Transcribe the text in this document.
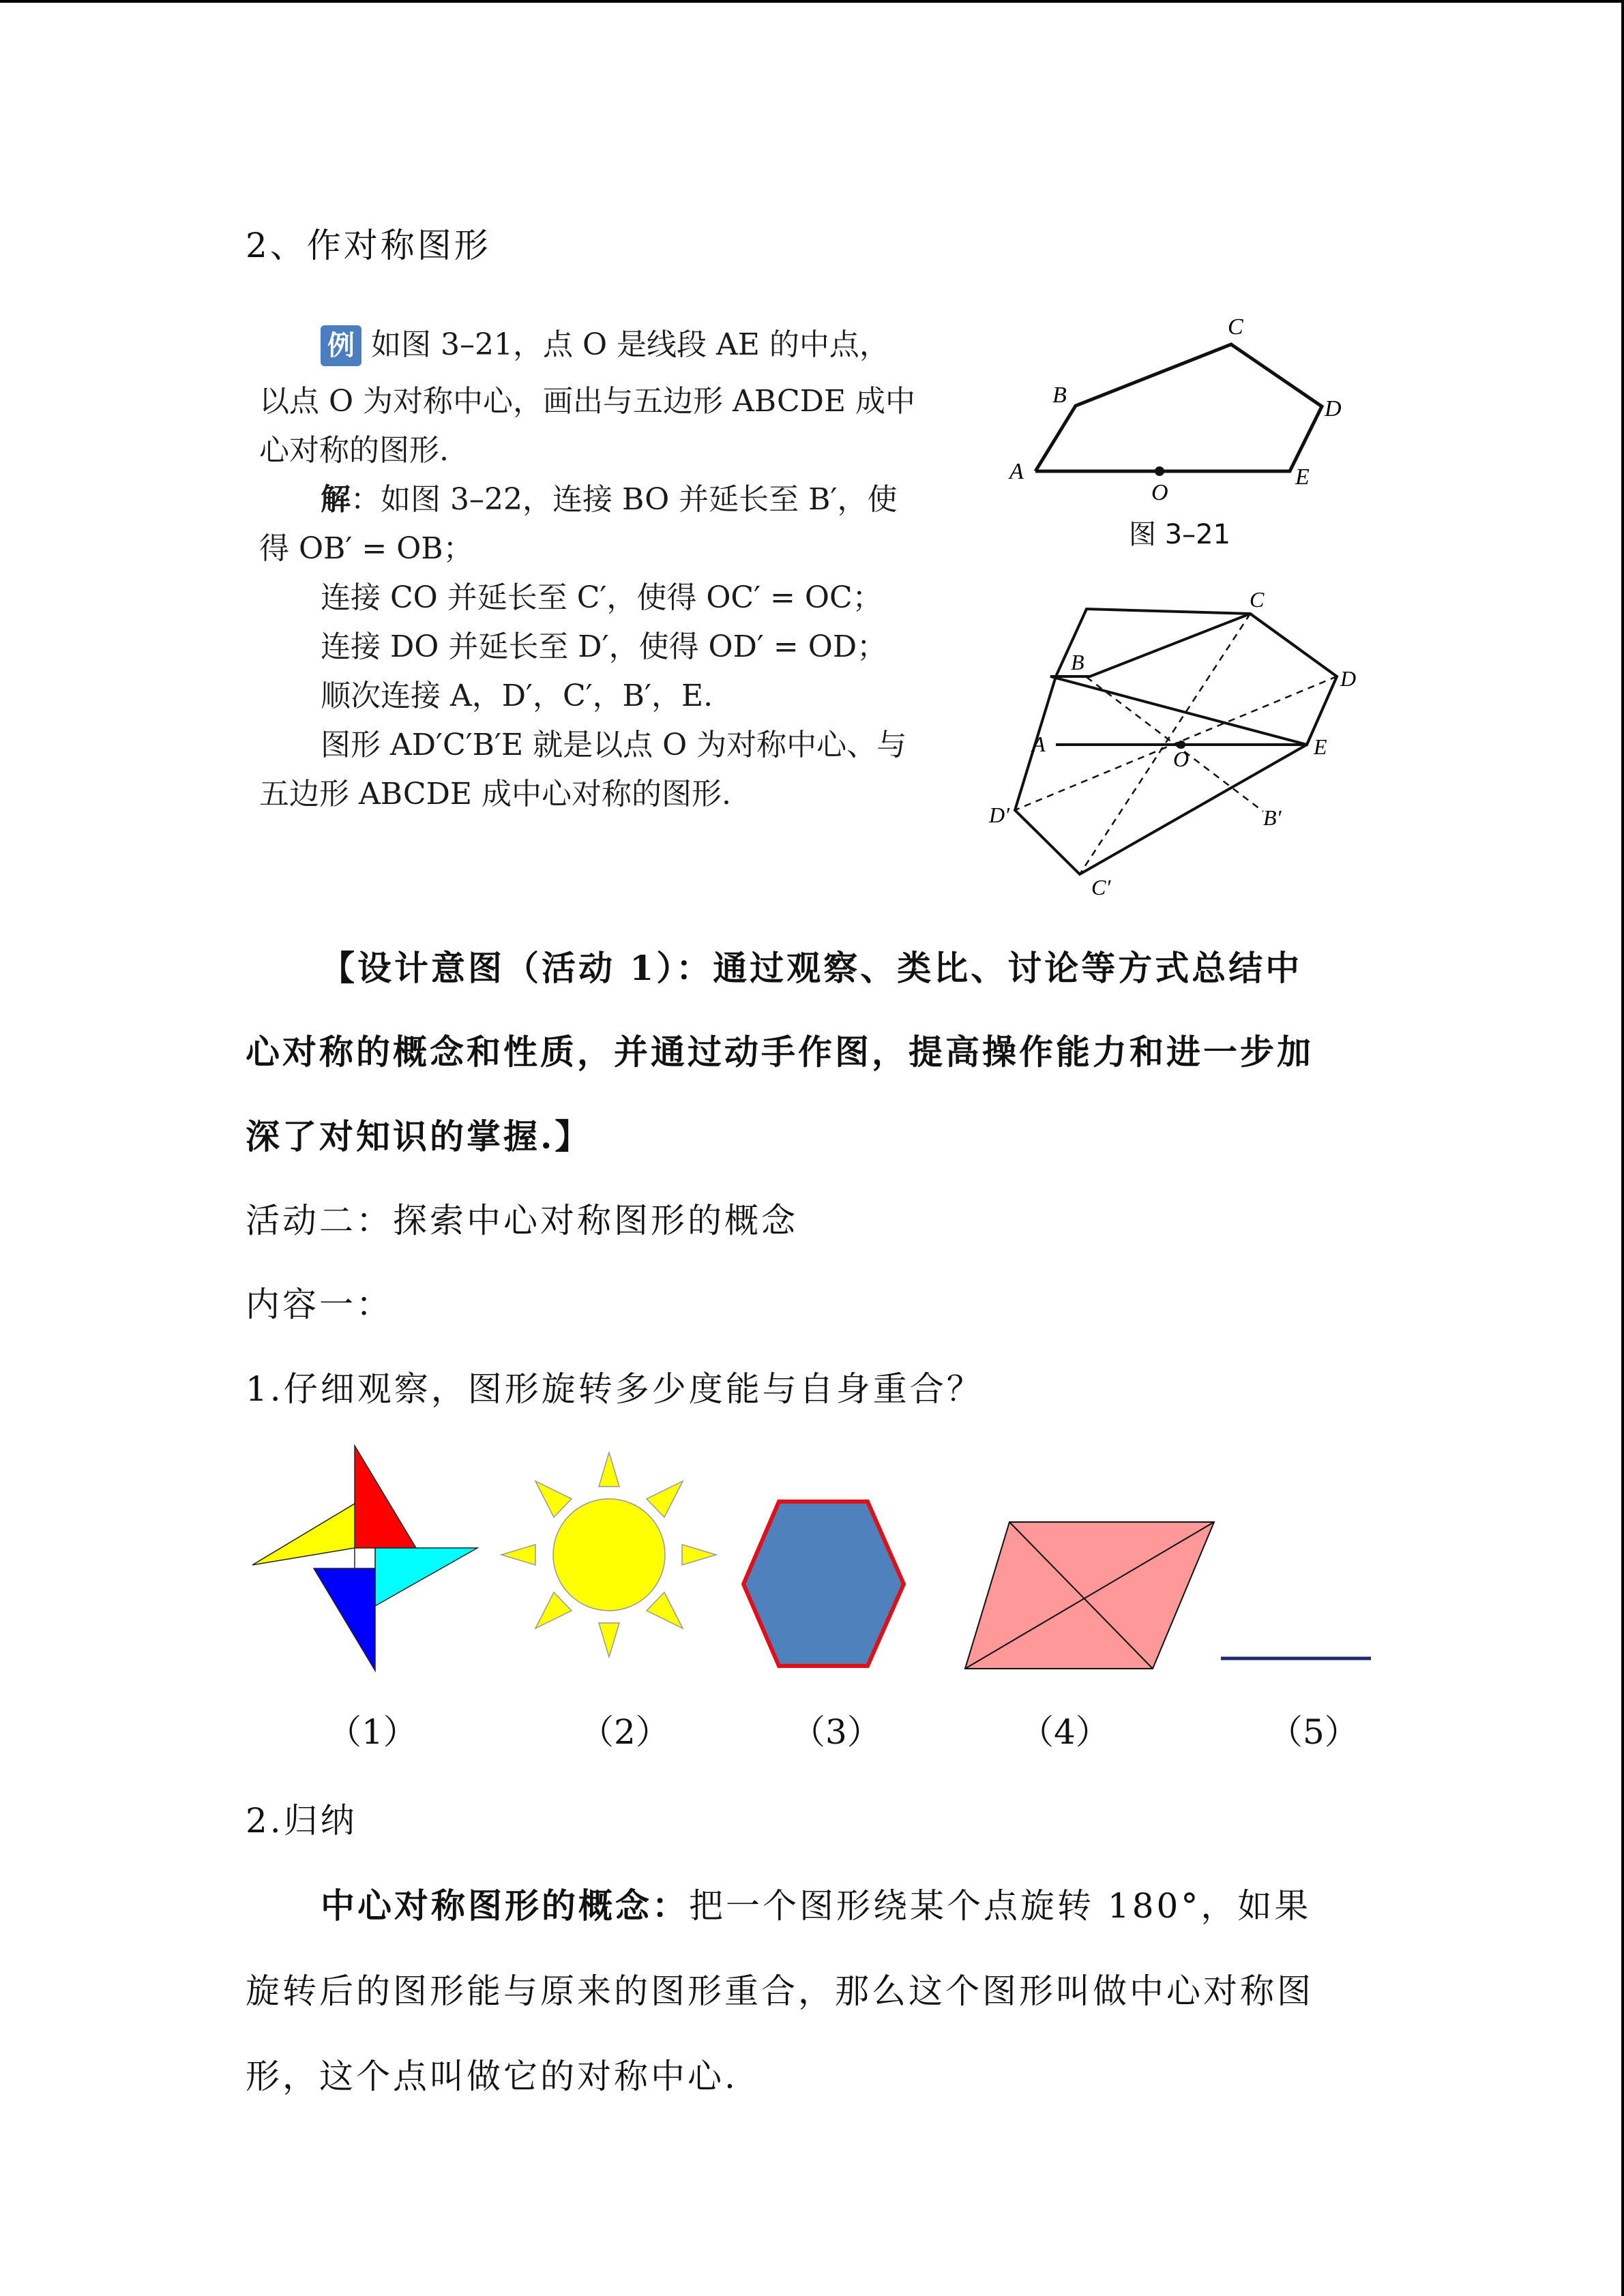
2、作对称图形
例 如图 3–21，点 O 是线段 AE 的中点，
以点 O 为对称中心，画出与五边形 ABCDE 成中
心对称的图形.
解：如图 3–22，连接 BO 并延长至 B′，使
得 OB′ = OB；
连接 CO 并延长至 C′，使得 OC′ = OC；
连接 DO 并延长至 D′，使得 OD′ = OD；
顺次连接 A，D′，C′，B′，E.
图形 AD′C′B′E 就是以点 O 为对称中心、与
五边形 ABCDE 成中心对称的图形.
A
B
C
D
E
O
图 3–21
A
B
C
D
E
O
D′	B′
C′
【设计意图（活动 1）：通过观察、类比、讨论等方式总结中
心对称的概念和性质，并通过动手作图，提高操作能力和进一步加
深了对知识的掌握.】
活动二：探索中心对称图形的概念
内容一：
1.仔细观察，图形旋转多少度能与自身重合？
（1）	（2）	（3）	（4）	（5）
2.归纳
中心对称图形的概念：把一个图形绕某个点旋转 180°，如果
旋转后的图形能与原来的图形重合，那么这个图形叫做中心对称图
形，这个点叫做它的对称中心.
